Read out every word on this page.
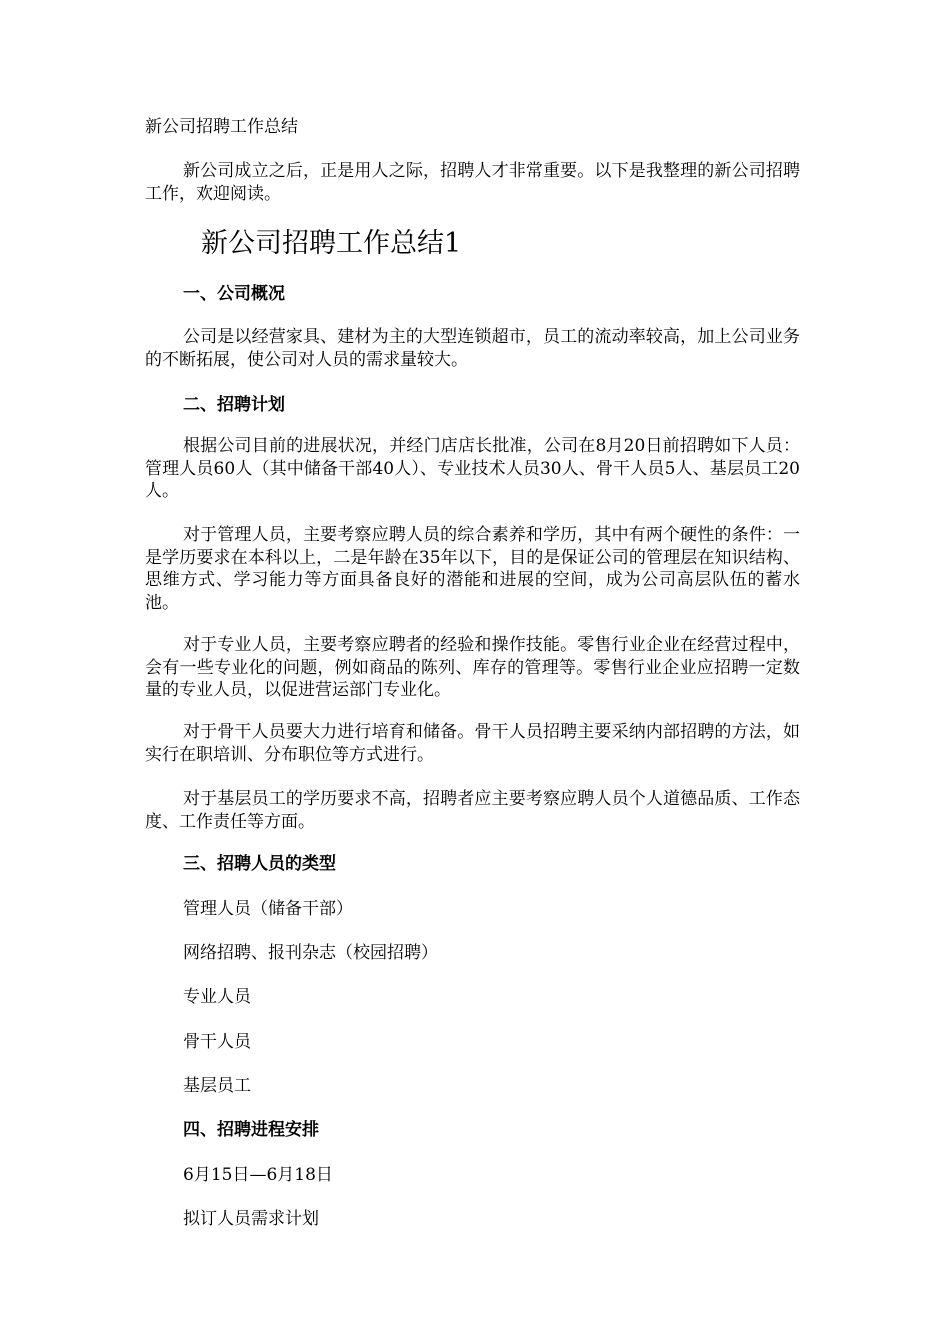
新公司招聘工作总结
新公司成立之后，正是用人之际，招聘人才非常重要。以下是我整理的新公司招聘工作，欢迎阅读。
新公司招聘工作总结1
一、公司概况
公司是以经营家具、建材为主的大型连锁超市，员工的流动率较高，加上公司业务的不断拓展，使公司对人员的需求量较大。
二、招聘计划
根据公司目前的进展状况，并经门店店长批准，公司在8月20日前招聘如下人员：管理人员60人（其中储备干部40人）、专业技术人员30人、骨干人员5人、基层员工20人。
对于管理人员，主要考察应聘人员的综合素养和学历，其中有两个硬性的条件：一是学历要求在本科以上，二是年龄在35年以下，目的是保证公司的管理层在知识结构、思维方式、学习能力等方面具备良好的潜能和进展的空间，成为公司高层队伍的蓄水池。
对于专业人员，主要考察应聘者的经验和操作技能。零售行业企业在经营过程中，会有一些专业化的问题，例如商品的陈列、库存的管理等。零售行业企业应招聘一定数量的专业人员，以促进营运部门专业化。
对于骨干人员要大力进行培育和储备。骨干人员招聘主要采纳内部招聘的方法，如实行在职培训、分布职位等方式进行。
对于基层员工的学历要求不高，招聘者应主要考察应聘人员个人道德品质、工作态度、工作责任等方面。
三、招聘人员的类型
管理人员（储备干部）
网络招聘、报刊杂志（校园招聘）
专业人员
骨干人员
基层员工
四、招聘进程安排
6月15日—6月18日
拟订人员需求计划
